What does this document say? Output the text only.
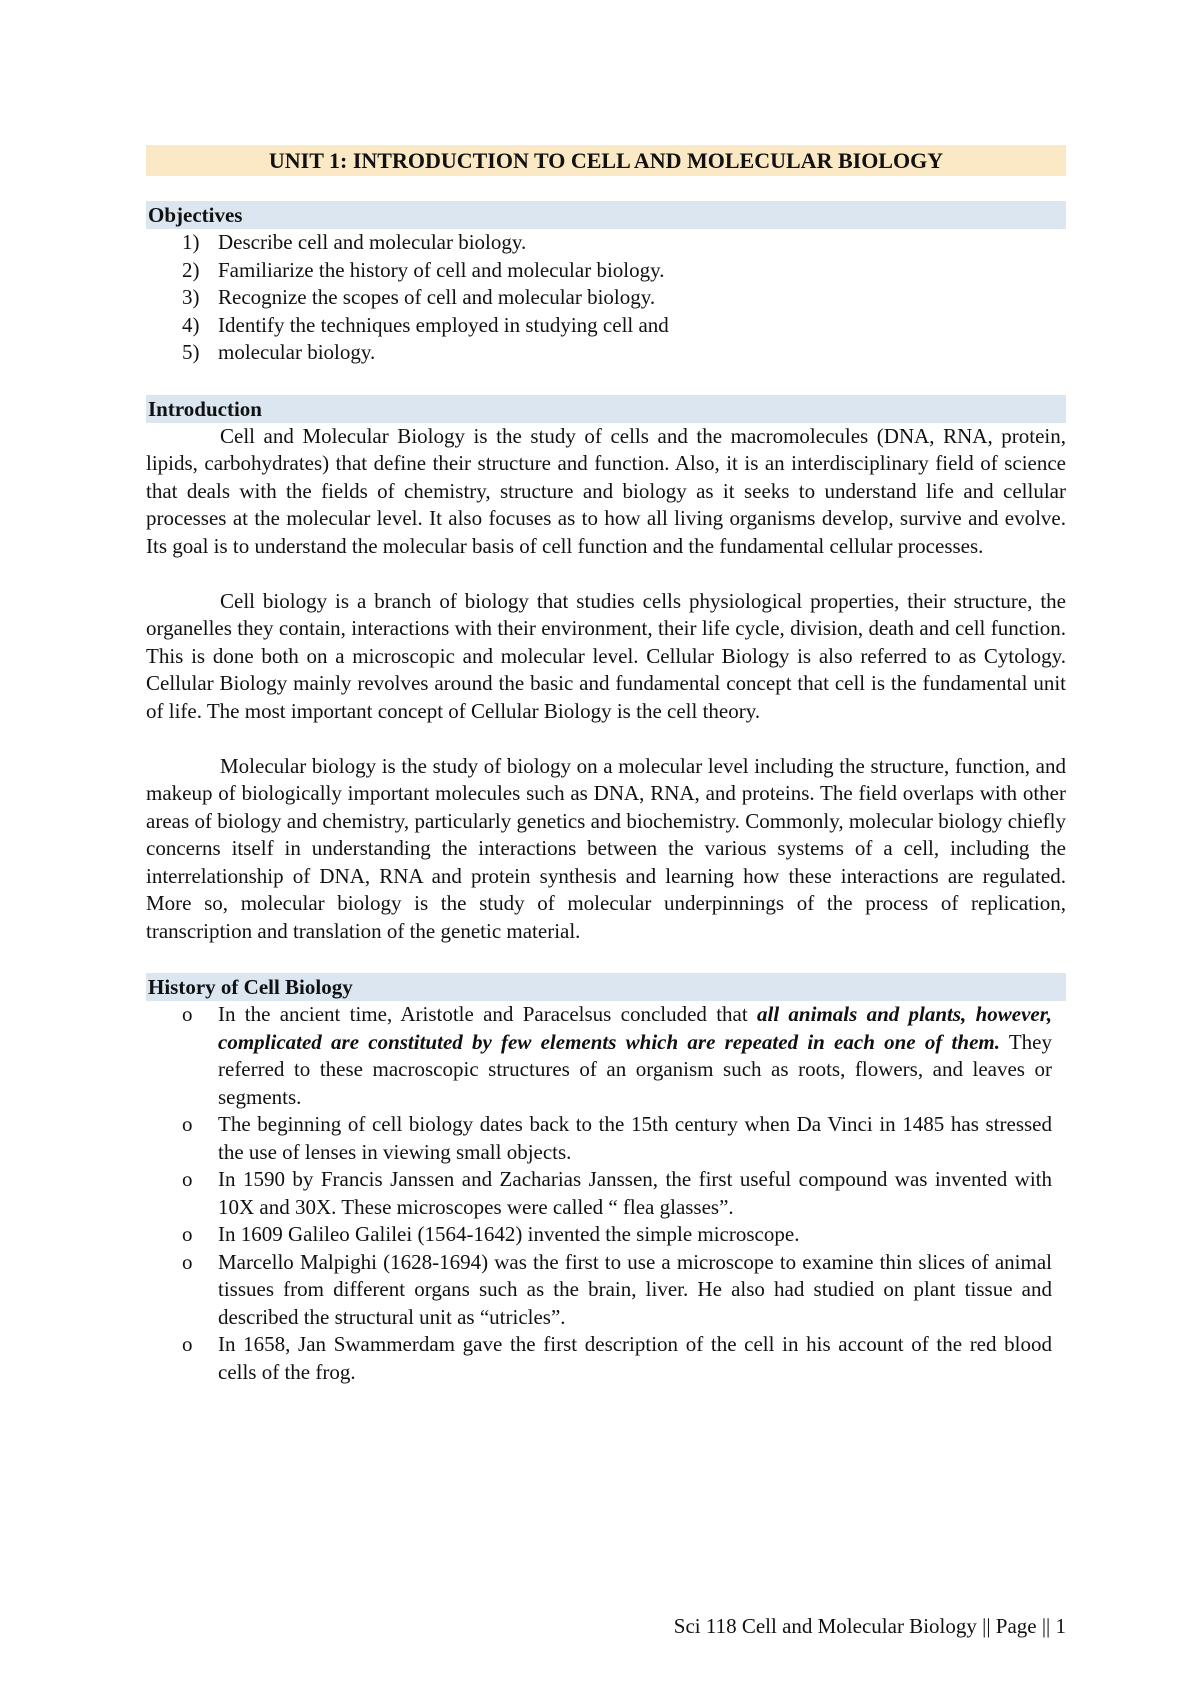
UNIT 1: INTRODUCTION TO CELL AND MOLECULAR BIOLOGY
Objectives
1) Describe cell and molecular biology.
2) Familiarize the history of cell and molecular biology.
3) Recognize the scopes of cell and molecular biology.
4) Identify the techniques employed in studying cell and
5) molecular biology.
Introduction

Cell and Molecular Biology is the study of cells and the macromolecules (DNA, RNA, protein, lipids, carbohydrates) that define their structure and function. Also, it is an interdisciplinary field of science that deals with the fields of chemistry, structure and biology as it seeks to understand life and cellular processes at the molecular level. It also focuses as to how all living organisms develop, survive and evolve. Its goal is to understand the molecular basis of cell function and the fundamental cellular processes.

Cell biology is a branch of biology that studies cells physiological properties, their structure, the organelles they contain, interactions with their environment, their life cycle, division, death and cell function. This is done both on a microscopic and molecular level. Cellular Biology is also referred to as Cytology. Cellular Biology mainly revolves around the basic and fundamental concept that cell is the fundamental unit of life. The most important concept of Cellular Biology is the cell theory.

Molecular biology is the study of biology on a molecular level including the structure, function, and makeup of biologically important molecules such as DNA, RNA, and proteins. The field overlaps with other areas of biology and chemistry, particularly genetics and biochemistry. Commonly, molecular biology chiefly concerns itself in understanding the interactions between the various systems of a cell, including the interrelationship of DNA, RNA and protein synthesis and learning how these interactions are regulated. More so, molecular biology is the study of molecular underpinnings of the process of replication, transcription and translation of the genetic material.

History of Cell Biology
o	In the ancient time, Aristotle and Paracelsus concluded that all animals and plants, however, complicated are constituted by few elements which are repeated in each one of them. They referred to these macroscopic structures of an organism such as roots, flowers, and leaves or segments.
o	The beginning of cell biology dates back to the 15th century when Da Vinci in 1485 has stressed the use of lenses in viewing small objects.
o	In 1590 by Francis Janssen and Zacharias Janssen, the first useful compound was invented with 10X and 30X. These microscopes were called “ flea glasses”.
o	In 1609 Galileo Galilei (1564-1642) invented the simple microscope.
o	Marcello Malpighi (1628-1694) was the first to use a microscope to examine thin slices of animal tissues from different organs such as the brain, liver. He also had studied on plant tissue and described the structural unit as “utricles”.
o	In 1658, Jan Swammerdam gave the first description of the cell in his account of the red blood cells of the frog.
Sci 118 Cell and Molecular Biology || Page || 1
